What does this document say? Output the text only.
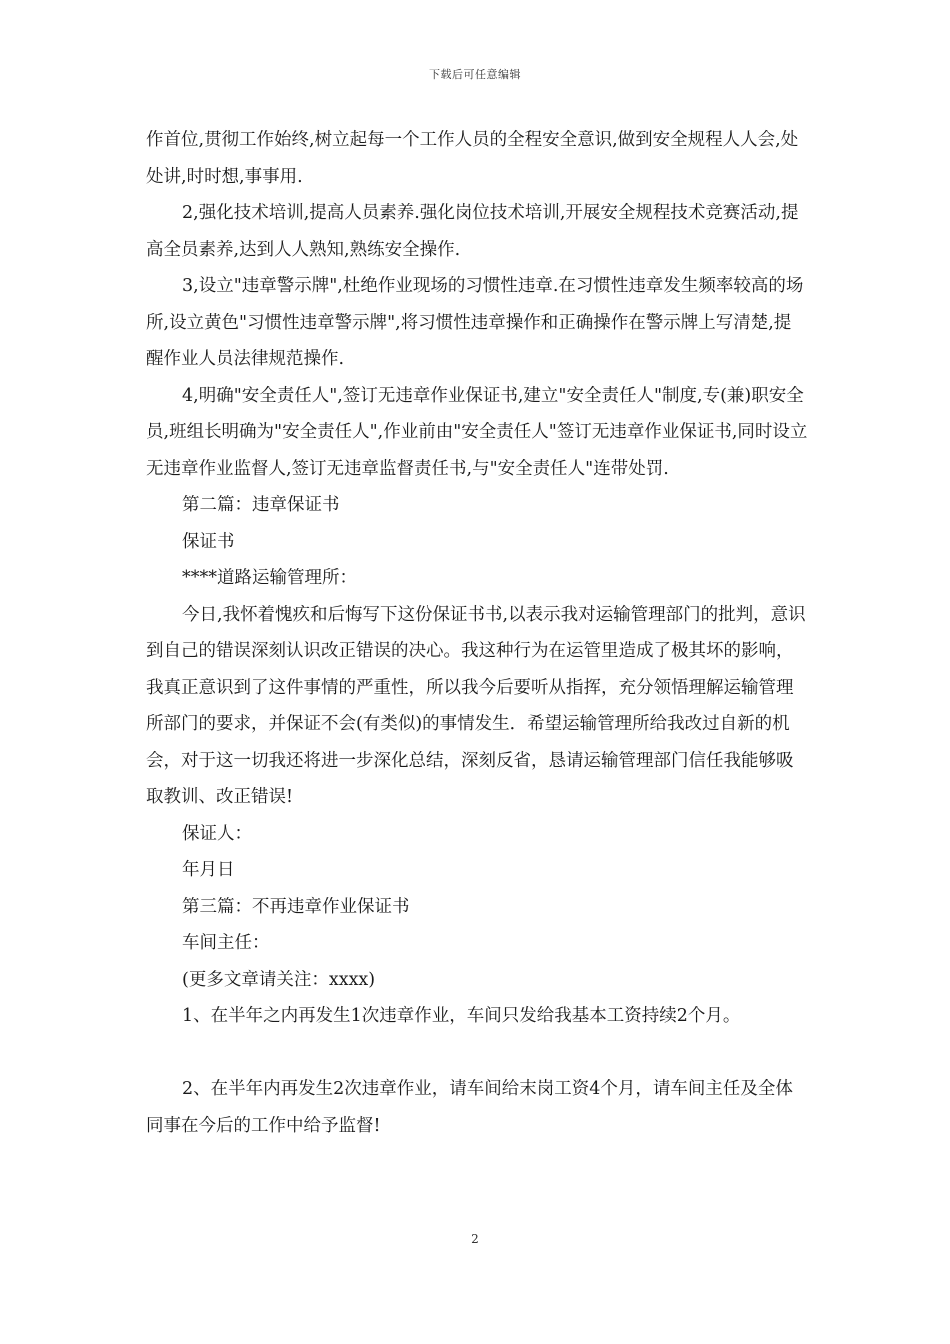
下载后可任意编辑

作首位,贯彻工作始终,树立起每一个工作人员的全程安全意识,做到安全规程人人会,处处讲,时时想,事事用.

2,强化技术培训,提高人员素养.强化岗位技术培训,开展安全规程技术竞赛活动,提高全员素养,达到人人熟知,熟练安全操作.

3,设立"违章警示牌",杜绝作业现场的习惯性违章.在习惯性违章发生频率较高的场所,设立黄色"习惯性违章警示牌",将习惯性违章操作和正确操作在警示牌上写清楚,提醒作业人员法律规范操作.

4,明确"安全责任人",签订无违章作业保证书,建立"安全责任人"制度,专(兼)职安全员,班组长明确为"安全责任人",作业前由"安全责任人"签订无违章作业保证书,同时设立无违章作业监督人,签订无违章监督责任书,与"安全责任人"连带处罚.

第二篇：违章保证书

保证书

****道路运输管理所：

今日,我怀着愧疚和后悔写下这份保证书书,以表示我对运输管理部门的批判，意识到自己的错误深刻认识改正错误的决心。我这种行为在运管里造成了极其坏的影响，我真正意识到了这件事情的严重性，所以我今后要听从指挥，充分领悟理解运输管理所部门的要求，并保证不会(有类似)的事情发生．希望运输管理所给我改过自新的机会，对于这一切我还将进一步深化总结，深刻反省，恳请运输管理部门信任我能够吸取教训、改正错误!

保证人：

年月日

第三篇：不再违章作业保证书

车间主任：

(更多文章请关注：xxxx)

1、在半年之内再发生1次违章作业，车间只发给我基本工资持续2个月。

2、在半年内再发生2次违章作业，请车间给末岗工资4个月，请车间主任及全体同事在今后的工作中给予监督!

2
